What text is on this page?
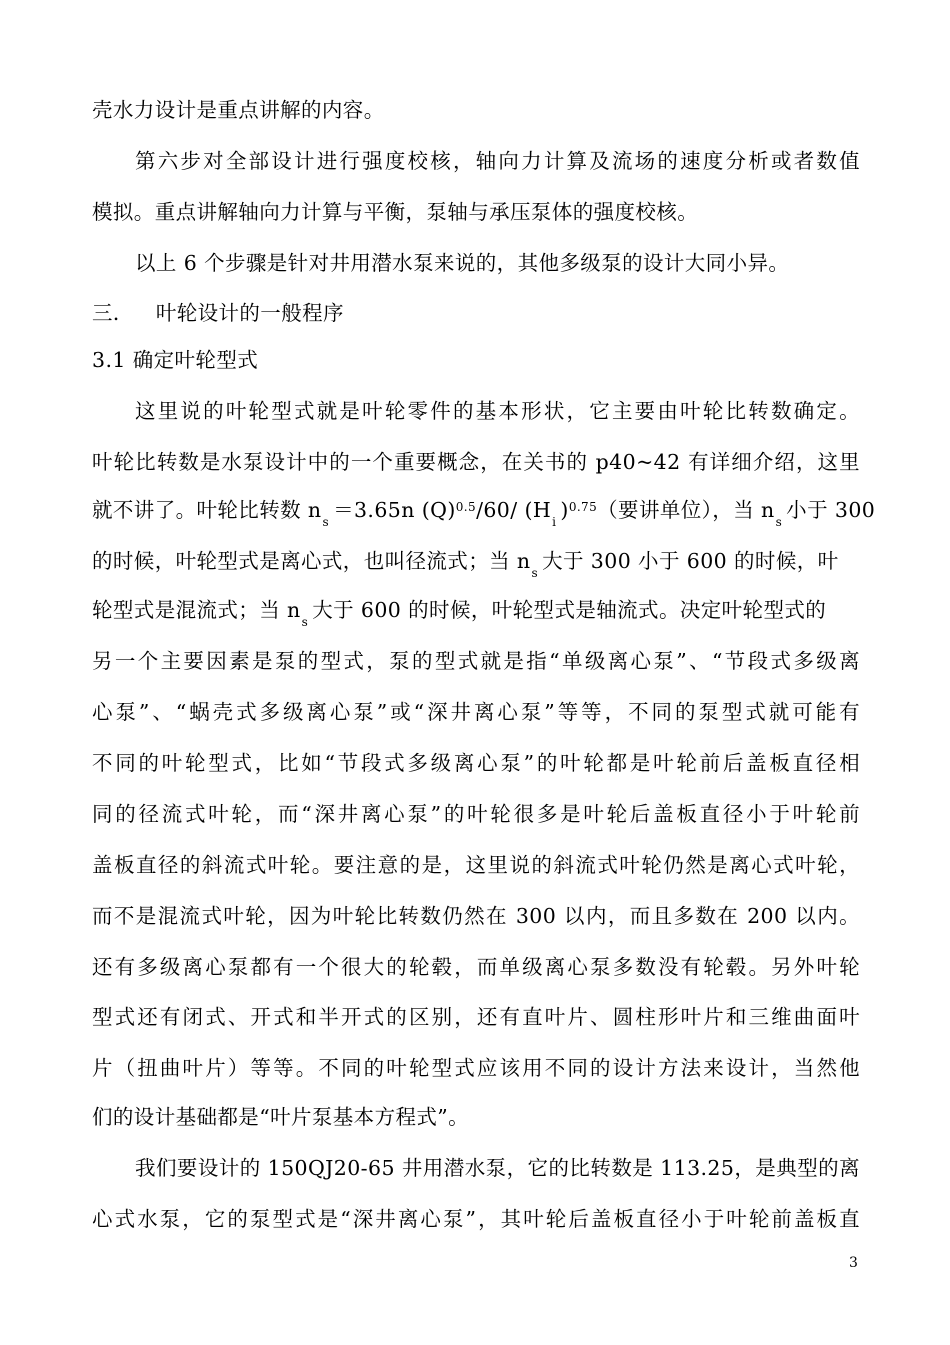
壳水力设计是重点讲解的内容。
第六步对全部设计进行强度校核，轴向力计算及流场的速度分析或者数值
模拟。重点讲解轴向力计算与平衡，泵轴与承压泵体的强度校核。
以上 6 个步骤是针对井用潜水泵来说的，其他多级泵的设计大同小异。
三． 叶轮设计的一般程序
3.1 确定叶轮型式
这里说的叶轮型式就是叶轮零件的基本形状，它主要由叶轮比转数确定。
叶轮比转数是水泵设计中的一个重要概念，在关书的 p40~42 有详细介绍，这里
就不讲了。叶轮比转数 $n_s =3.65n$ $(Q)^{0.5}/60/$ ($H_i$ )$^{0.75}$（要讲单位），当 $n_s$ 小于 300
的时候，叶轮型式是离心式，也叫径流式；当 $n_s$ 大于 300 小于 600 的时候，叶
轮型式是混流式；当 $n_s$ 大于 600 的时候，叶轮型式是轴流式。决定叶轮型式的
另一个主要因素是泵的型式，泵的型式就是指“单级离心泵”、“节段式多级离
心泵”、“蜗壳式多级离心泵”或“深井离心泵”等等，不同的泵型式就可能有
不同的叶轮型式，比如“节段式多级离心泵”的叶轮都是叶轮前后盖板直径相
同的径流式叶轮，而“深井离心泵”的叶轮很多是叶轮后盖板直径小于叶轮前
盖板直径的斜流式叶轮。要注意的是，这里说的斜流式叶轮仍然是离心式叶轮，
而不是混流式叶轮，因为叶轮比转数仍然在 300 以内，而且多数在 200 以内。
还有多级离心泵都有一个很大的轮毂，而单级离心泵多数没有轮毂。另外叶轮
型式还有闭式、开式和半开式的区别，还有直叶片、圆柱形叶片和三维曲面叶
片（扭曲叶片）等等。不同的叶轮型式应该用不同的设计方法来设计，当然他
们的设计基础都是“叶片泵基本方程式”。
我们要设计的 150QJ20-65 井用潜水泵，它的比转数是 113.25，是典型的离
心式水泵，它的泵型式是“深井离心泵”，其叶轮后盖板直径小于叶轮前盖板直
3
